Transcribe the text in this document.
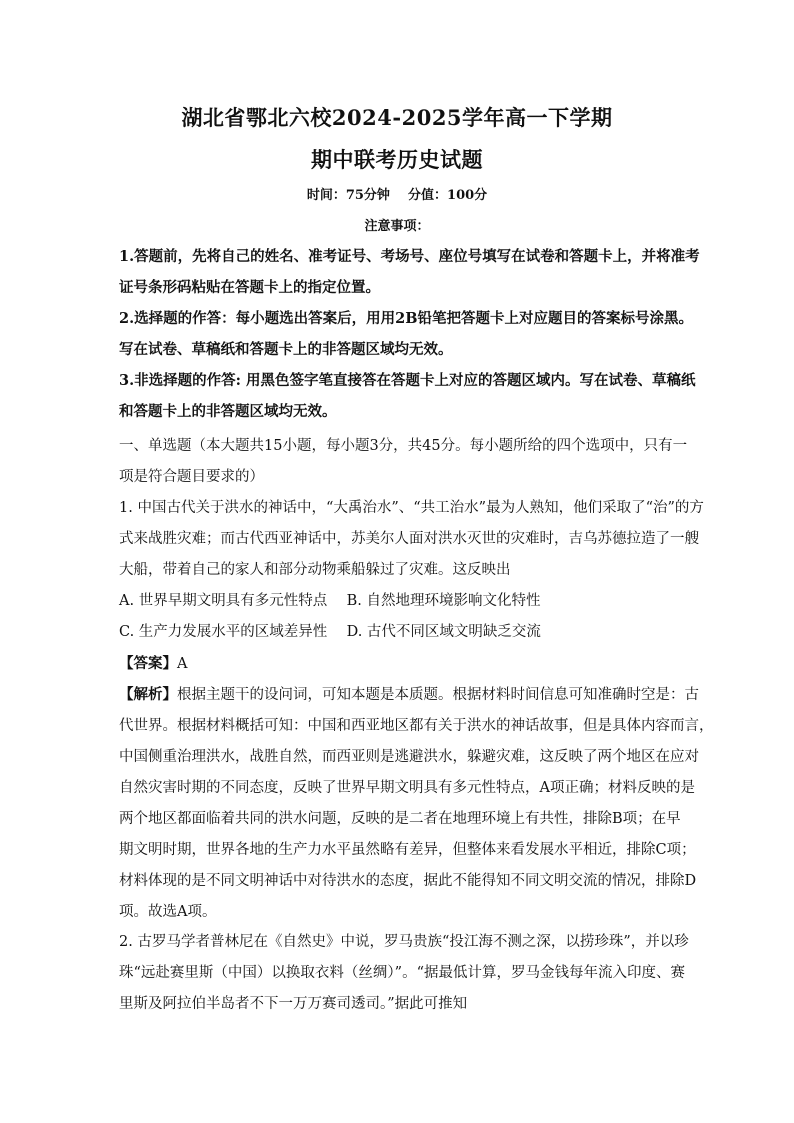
湖北省鄂北六校2024-2025学年高一下学期
期中联考历史试题
时间：75分钟    分值：100分
注意事项：
1.答题前，先将自己的姓名、准考证号、考场号、座位号填写在试卷和答题卡上，并将准考
证号条形码粘贴在答题卡上的指定位置。
2.选择题的作答：每小题选出答案后，用用2B铅笔把答题卡上对应题目的答案标号涂黑。
写在试卷、草稿纸和答题卡上的非答题区域均无效。
3.非选择题的作答: 用黑色签字笔直接答在答题卡上对应的答题区域内。写在试卷、草稿纸
和答题卡上的非答题区域均无效。
一、单选题（本大题共15小题，每小题3分，共45分。每小题所给的四个选项中，只有一
项是符合题目要求的）
1. 中国古代关于洪水的神话中，“大禹治水”、“共工治水”最为人熟知，他们采取了“治”的方
式来战胜灾难；而古代西亚神话中，苏美尔人面对洪水灭世的灾难时，吉乌苏德拉造了一艘
大船，带着自己的家人和部分动物乘船躲过了灾难。这反映出
A. 世界早期文明具有多元性特点 B. 自然地理环境影响文化特性
C. 生产力发展水平的区域差异性 D. 古代不同区域文明缺乏交流
【答案】A
【解析】根据主题干的设问词，可知本题是本质题。根据材料时间信息可知准确时空是：古
代世界。根据材料概括可知：中国和西亚地区都有关于洪水的神话故事，但是具体内容而言，
中国侧重治理洪水，战胜自然，而西亚则是逃避洪水，躲避灾难，这反映了两个地区在应对
自然灾害时期的不同态度，反映了世界早期文明具有多元性特点，A项正确；材料反映的是
两个地区都面临着共同的洪水问题，反映的是二者在地理环境上有共性，排除B项；在早
期文明时期，世界各地的生产力水平虽然略有差异，但整体来看发展水平相近，排除C项；
材料体现的是不同文明神话中对待洪水的态度，据此不能得知不同文明交流的情况，排除D
项。故选A项。
2. 古罗马学者普林尼在《自然史》中说，罗马贵族“投江海不测之深，以捞珍珠”，并以珍
珠“远赴赛里斯（中国）以换取衣料（丝绸）”。“据最低计算，罗马金钱每年流入印度、赛
里斯及阿拉伯半岛者不下一万万赛司透司。”据此可推知
